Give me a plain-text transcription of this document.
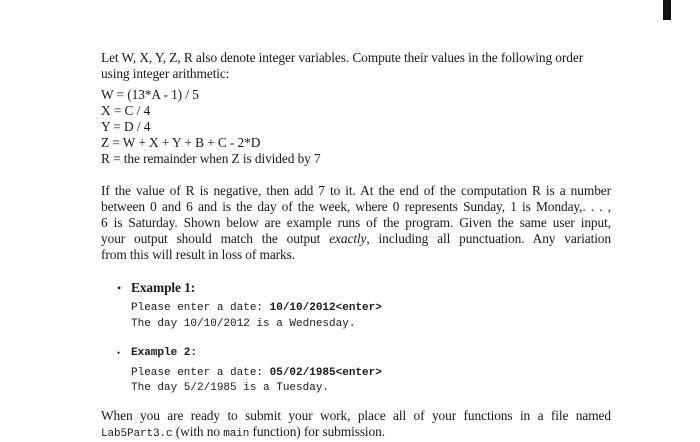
Let W, X, Y, Z, R also denote integer variables. Compute their values in the following order
using integer arithmetic:

W = (13*A - 1) / 5
X = C / 4
Y = D / 4
Z = W + X + Y + B + C - 2*D
R = the remainder when Z is divided by 7

If the value of R is negative, then add 7 to it. At the end of the computation R is a number
between 0 and 6 and is the day of the week, where 0 represents Sunday, 1 is Monday,. . . ,
6 is Saturday. Shown below are example runs of the program. Given the same user input,
your output should match the output exactly, including all punctuation. Any variation
from this will result in loss of marks.

• Example 1:
Please enter a date: 10/10/2012<enter>
The day 10/10/2012 is a Wednesday.
• Example 2:
Please enter a date: 05/02/1985<enter>
The day 5/2/1985 is a Tuesday.

When you are ready to submit your work, place all of your functions in a file named
Lab5Part3.c (with no main function) for submission.
